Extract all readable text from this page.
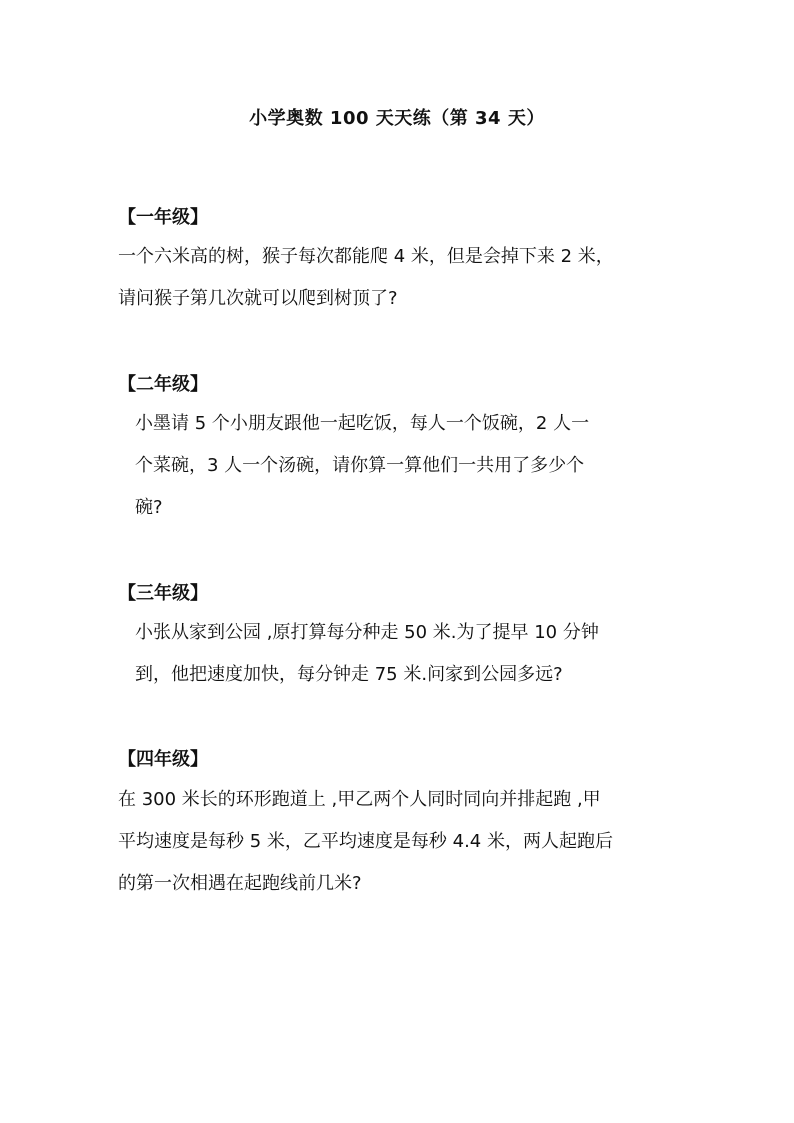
小学奥数 100 天天练（第 34 天）
【一年级】
一个六米高的树，猴子每次都能爬 4 米，但是会掉下来 2 米，
请问猴子第几次就可以爬到树顶了?
【二年级】
小墨请 5 个小朋友跟他一起吃饭，每人一个饭碗，2 人一
个菜碗，3 人一个汤碗，请你算一算他们一共用了多少个
碗?
【三年级】
小张从家到公园 ,原打算每分种走 50 米.为了提早 10 分钟
到，他把速度加快，每分钟走 75 米.问家到公园多远?
【四年级】
在 300 米长的环形跑道上 ,甲乙两个人同时同向并排起跑 ,甲
平均速度是每秒 5 米，乙平均速度是每秒 4.4 米，两人起跑后
的第一次相遇在起跑线前几米?
